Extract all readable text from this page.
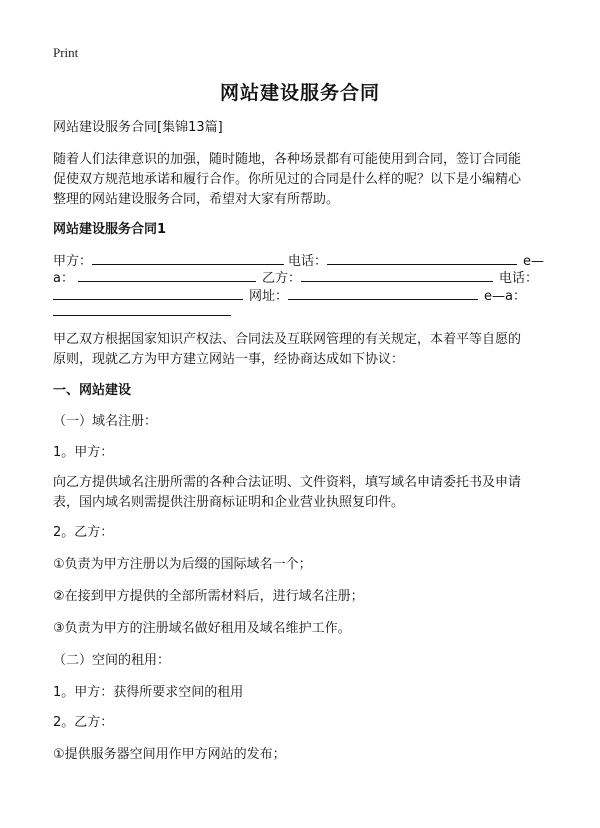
Print
网站建设服务合同
网站建设服务合同[集锦13篇]
随着人们法律意识的加强，随时随地，各种场景都有可能使用到合同，签订合同能
促使双方规范地承诺和履行合作。你所见过的合同是什么样的呢？以下是小编精心
整理的网站建设服务合同，希望对大家有所帮助。
网站建设服务合同1
甲方：	电话：	e—
a：	乙方：	电话：
网址：	e—a：
甲乙双方根据国家知识产权法、合同法及互联网管理的有关规定，本着平等自愿的
原则，现就乙方为甲方建立网站一事，经协商达成如下协议：
一、网站建设
（一）域名注册：
1。甲方：
向乙方提供域名注册所需的各种合法证明、文件资料，填写域名申请委托书及申请
表，国内域名则需提供注册商标证明和企业营业执照复印件。
2。乙方：
①负责为甲方注册以为后缀的国际域名一个；
②在接到甲方提供的全部所需材料后，进行域名注册；
③负责为甲方的注册域名做好租用及域名维护工作。
（二）空间的租用：
1。甲方：获得所要求空间的租用
2。乙方：
①提供服务器空间用作甲方网站的发布；
